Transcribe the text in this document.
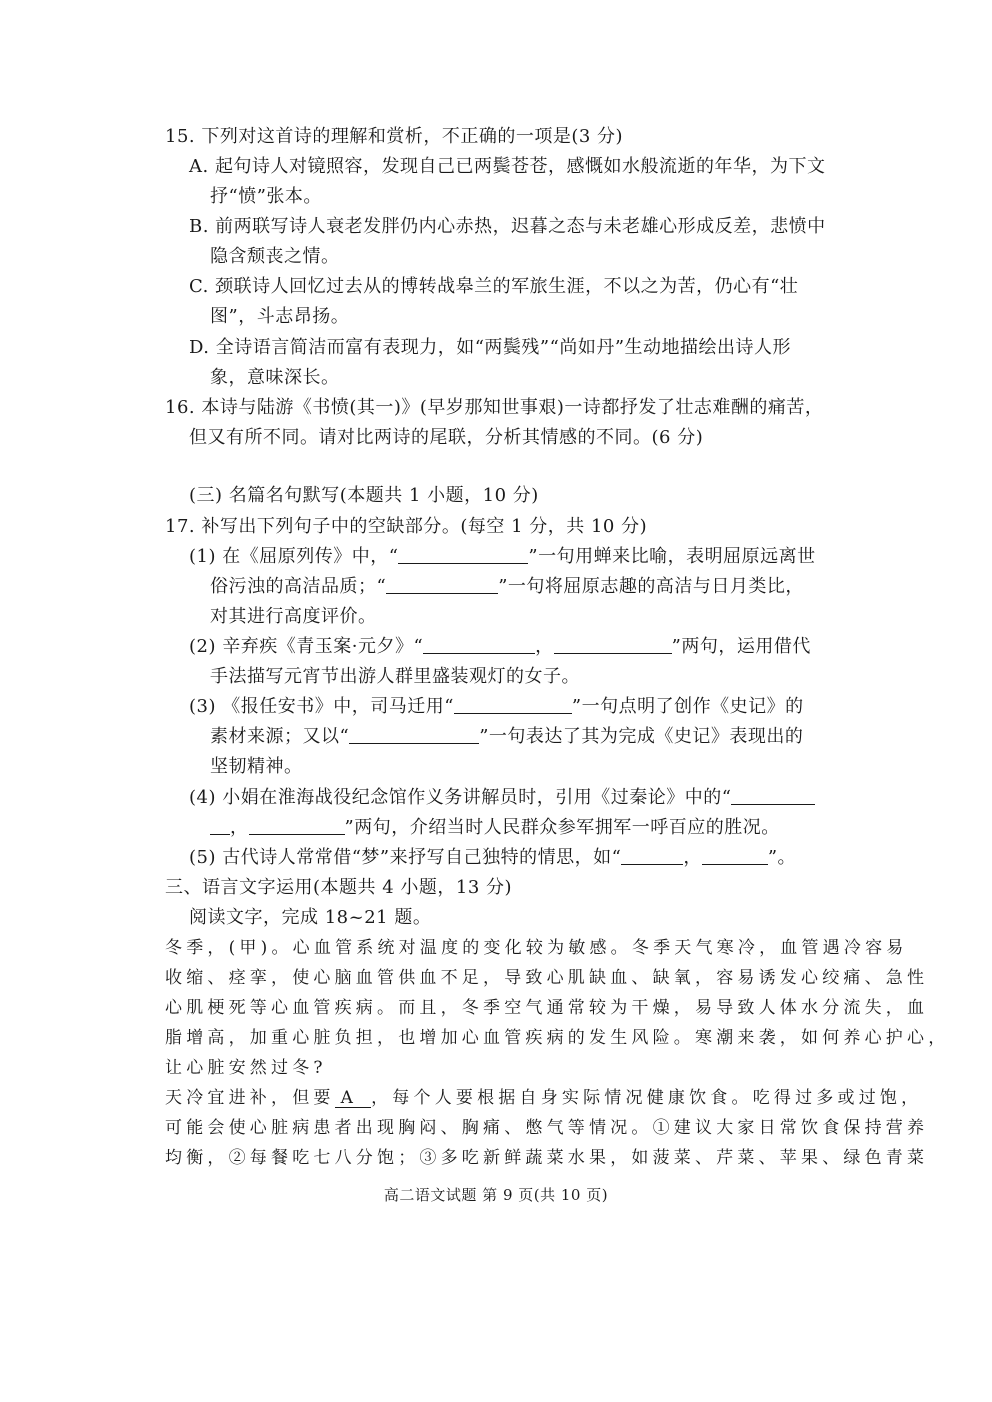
15. 下列对这首诗的理解和赏析，不正确的一项是(3 分)
A. 起句诗人对镜照容，发现自己已两鬓苍苍，感慨如水般流逝的年华，为下文
抒“愤”张本。
B. 前两联写诗人衰老发胖仍内心赤热，迟暮之态与未老雄心形成反差，悲愤中
隐含颓丧之情。
C. 颈联诗人回忆过去从的博转战皋兰的军旅生涯，不以之为苦，仍心有“壮
图”，斗志昂扬。
D. 全诗语言简洁而富有表现力，如“两鬓残”“尚如丹”生动地描绘出诗人形
象，意味深长。
16. 本诗与陆游《书愤(其一)》(早岁那知世事艰)一诗都抒发了壮志难酬的痛苦，
但又有所不同。请对比两诗的尾联，分析其情感的不同。(6 分)
(三) 名篇名句默写(本题共 1 小题，10 分)
17. 补写出下列句子中的空缺部分。(每空 1 分，共 10 分)
(1) 在《屈原列传》中，“	”一句用蝉来比喻，表明屈原远离世
俗污浊的高洁品质；“	”一句将屈原志趣的高洁与日月类比，
对其进行高度评价。
(2) 辛弃疾《青玉案·元夕》“	，	”两句，运用借代
手法描写元宵节出游人群里盛装观灯的女子。
(3) 《报任安书》中，司马迁用“	”一句点明了创作《史记》的
素材来源；又以“	”一句表达了其为完成《史记》表现出的
坚韧精神。
(4) 小娟在淮海战役纪念馆作义务讲解员时，引用《过秦论》中的“
，	”两句，介绍当时人民群众参军拥军一呼百应的胜况。
(5) 古代诗人常常借“梦”来抒写自己独特的情思，如“	，	”。
三、语言文字运用(本题共 4 小题，13 分)
阅读文字，完成 18~21 题。
冬季，(甲)。心血管系统对温度的变化较为敏感。冬季天气寒冷，血管遇冷容易
收缩、痉挛，使心脑血管供血不足，导致心肌缺血、缺氧，容易诱发心绞痛、急性
心肌梗死等心血管疾病。而且，冬季空气通常较为干燥，易导致人体水分流失，血
脂增高，加重心脏负担，也增加心血管疾病的发生风险。寒潮来袭，如何养心护心，
让心脏安然过冬?
天冷宜进补，但要 A ，每个人要根据自身实际情况健康饮食。吃得过多或过饱，
可能会使心脏病患者出现胸闷、胸痛、憋气等情况。①建议大家日常饮食保持营养
均衡，②每餐吃七八分饱；③多吃新鲜蔬菜水果，如菠菜、芹菜、苹果、绿色青菜
高二语文试题 第 9 页(共 10 页)
